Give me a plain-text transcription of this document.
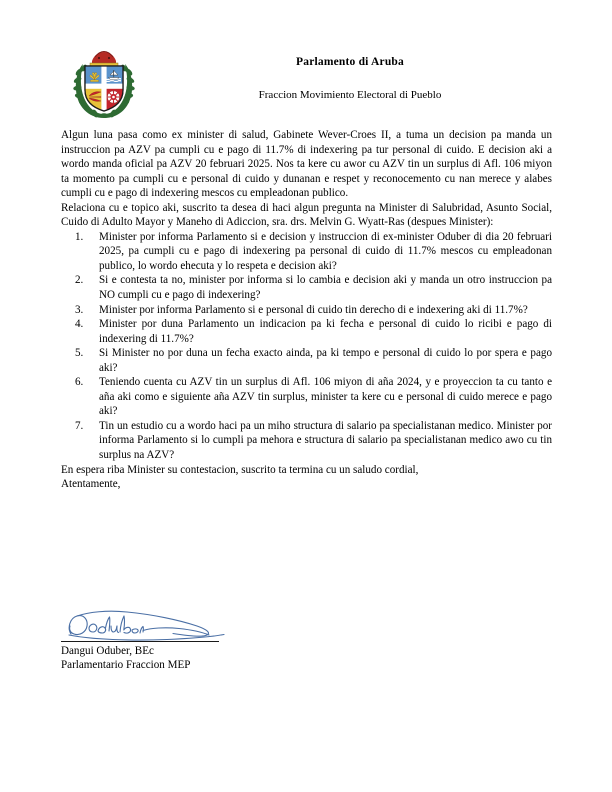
Parlamento di Aruba
Fraccion Movimiento Electoral di Pueblo

Algun luna pasa como ex minister di salud, Gabinete Wever-Croes II, a tuma un decision pa manda un instruccion pa AZV pa cumpli cu e pago di 11.7% di indexering pa tur personal di cuido. E decision aki a wordo manda oficial pa AZV 20 februari 2025. Nos ta kere cu awor cu AZV tin un surplus di Afl. 106 miyon ta momento pa cumpli cu e personal di cuido y dunanan e respet y reconocemento cu nan merece y alabes cumpli cu e pago di indexering mescos cu empleadonan publico.

Relaciona cu e topico aki, suscrito ta desea di haci algun pregunta na Minister di Salubridad, Asunto Social, Cuido di Adulto Mayor y Maneho di Adiccion, sra. drs. Melvin G. Wyatt-Ras (despues Minister):

Minister por informa Parlamento si e decision y instruccion di ex-minister Oduber di dia 20 februari 2025, pa cumpli cu e pago di indexering pa personal di cuido di 11.7% mescos cu empleadonan publico, lo wordo ehecuta y lo respeta e decision aki?
Si e contesta ta no, minister por informa si lo cambia e decision aki y manda un otro instruccion pa NO cumpli cu e pago di indexering?
Minister por informa Parlamento si e personal di cuido tin derecho di e indexering aki di 11.7%?
Minister por duna Parlamento un indicacion pa ki fecha e personal di cuido lo ricibi e pago di indexering di 11.7%?
Si Minister no por duna un fecha exacto ainda, pa ki tempo e personal di cuido lo por spera e pago aki?
Teniendo cuenta cu AZV tin un surplus di Afl. 106 miyon di aña 2024, y e proyeccion ta cu tanto e aña aki como e siguiente aña AZV tin surplus, minister ta kere cu e personal di cuido merece e pago aki?
Tin un estudio cu a wordo haci pa un miho structura di salario pa specialistanan medico. Minister por informa Parlamento si lo cumpli pa mehora e structura di salario pa specialistanan medico awo cu tin surplus na AZV?

En espera riba Minister su contestacion, suscrito ta termina cu un saludo cordial,

Atentamente,

Dangui Oduber, BEc
Parlamentario Fraccion MEP
